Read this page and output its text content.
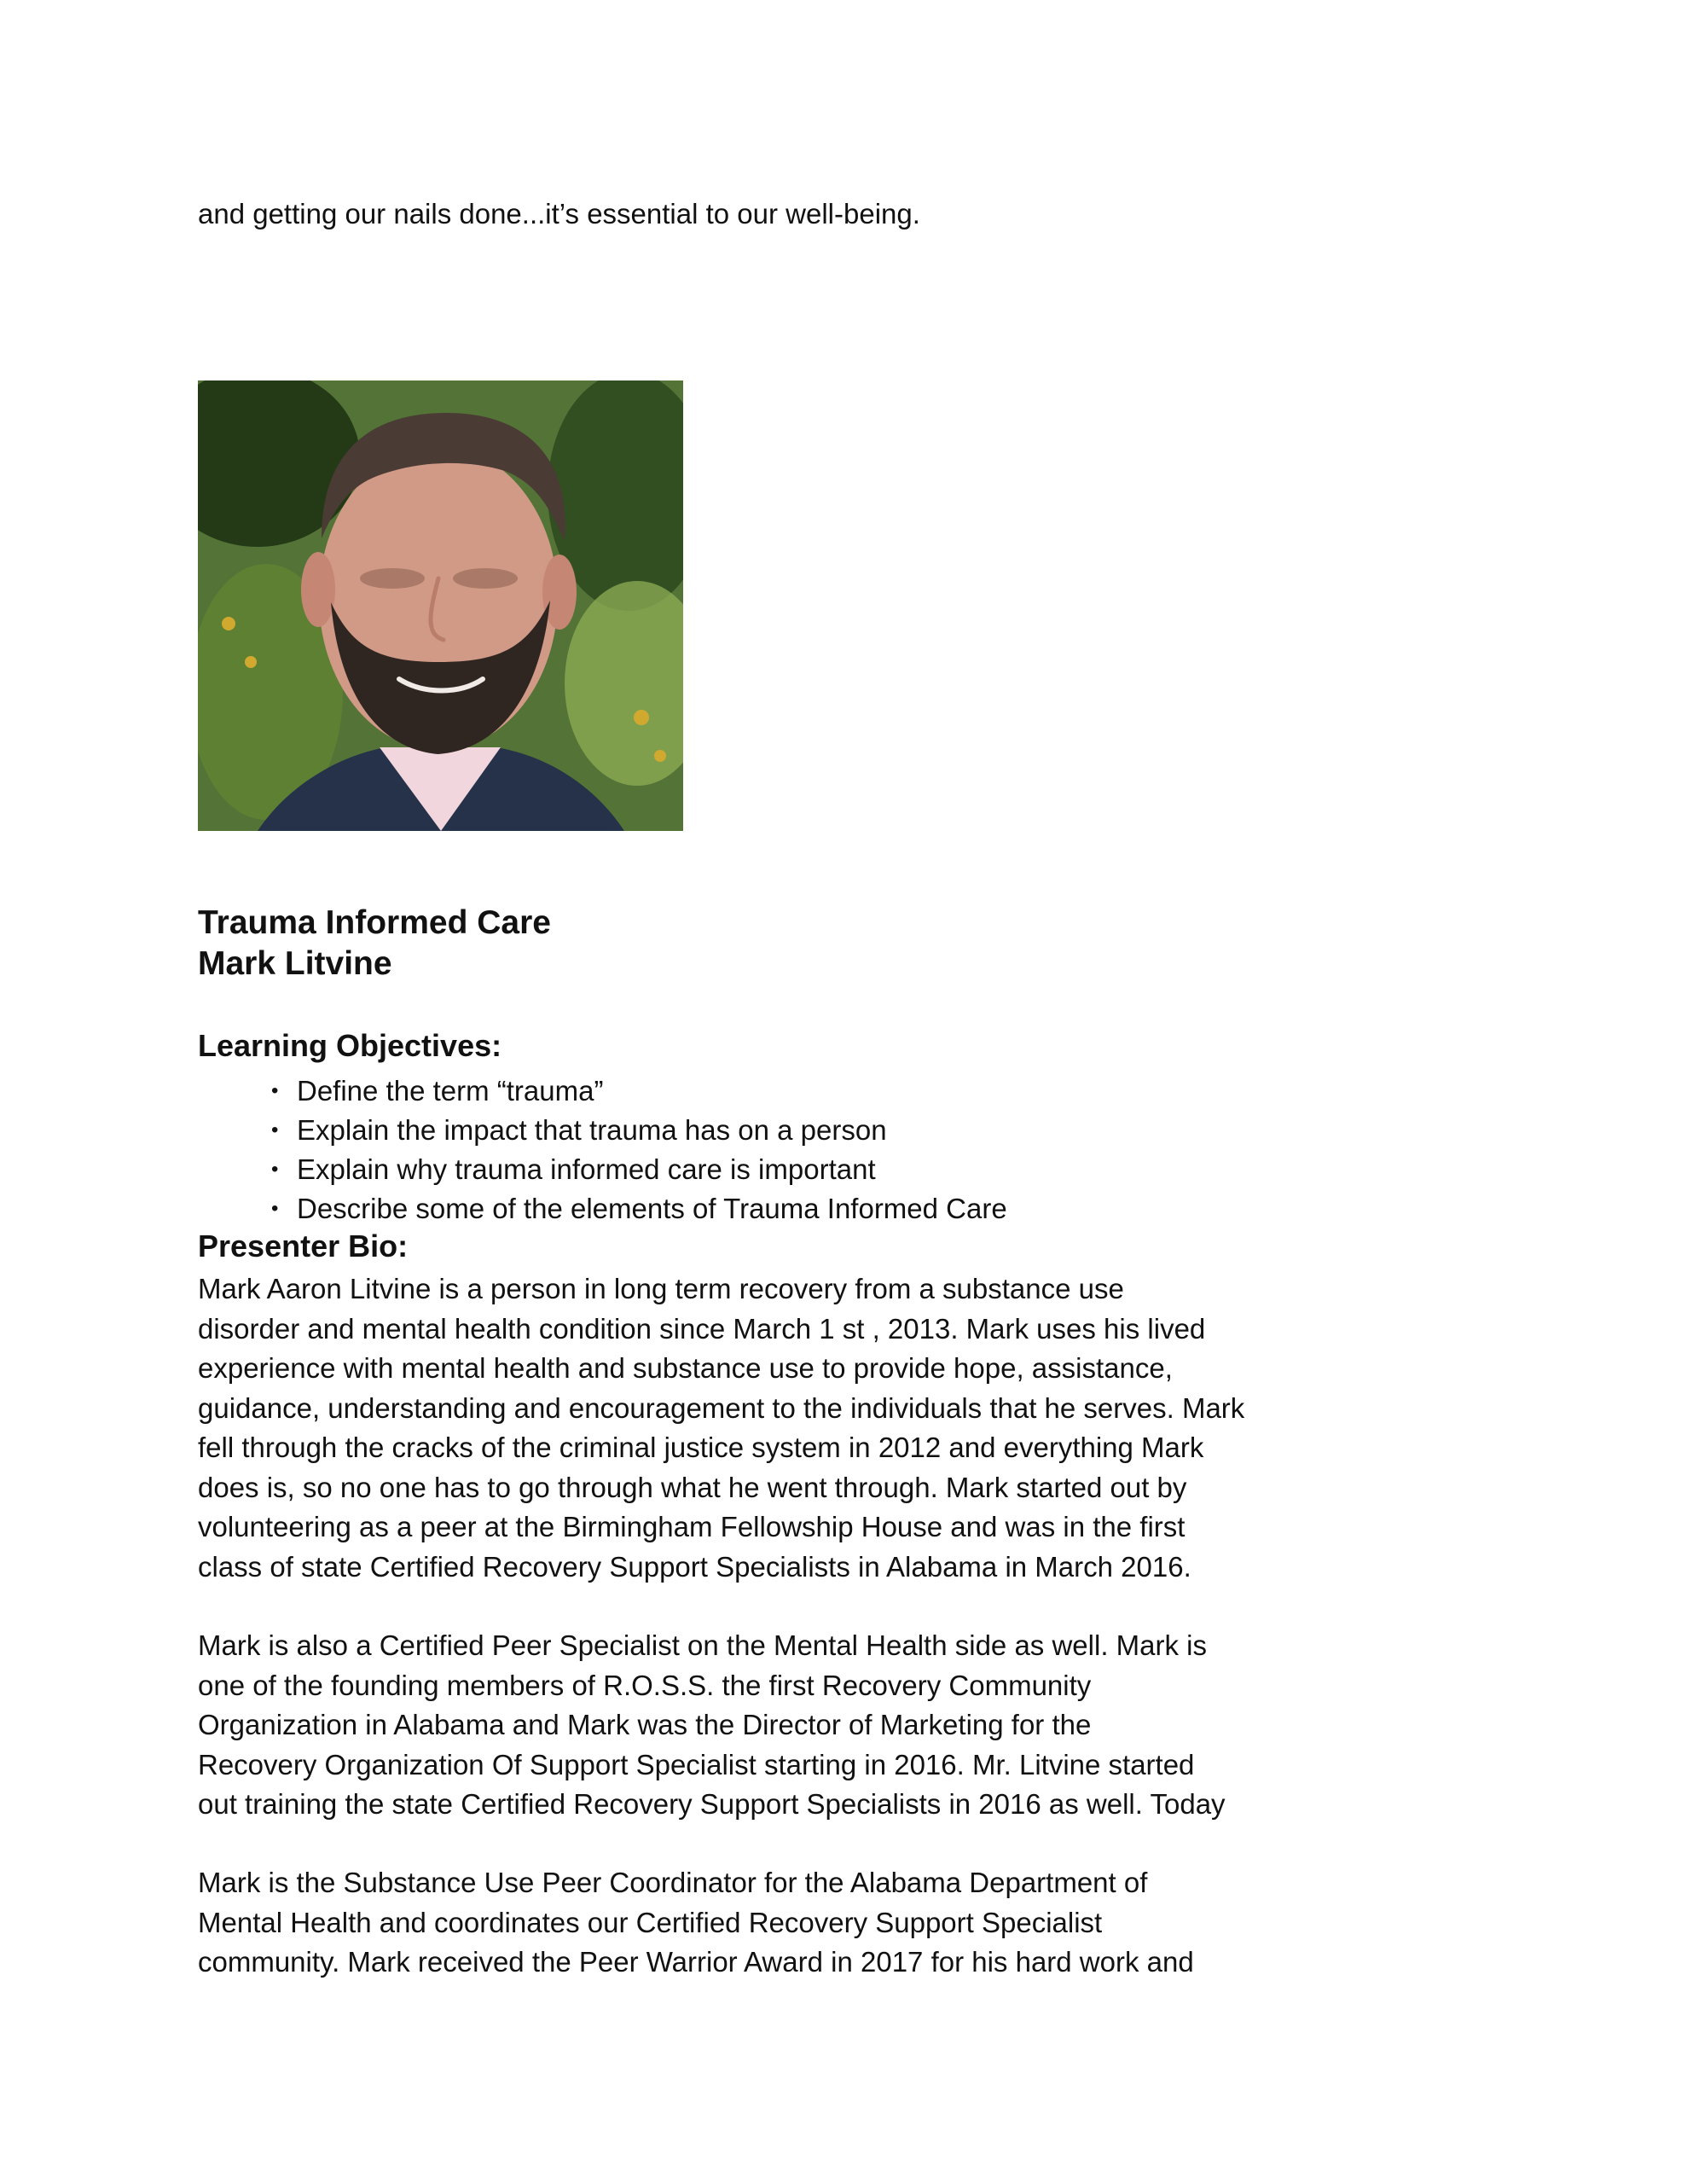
and getting our nails done...it’s essential to our well-being.
Trauma Informed Care
Mark Litvine
Learning Objectives:
• Define the term “trauma”
• Explain the impact that trauma has on a person
• Explain why trauma informed care is important
• Describe some of the elements of Trauma Informed Care
Presenter Bio:
Mark Aaron Litvine is a person in long term recovery from a substance use
disorder and mental health condition since March 1 st , 2013. Mark uses his lived
experience with mental health and substance use to provide hope, assistance,
guidance, understanding and encouragement to the individuals that he serves. Mark
fell through the cracks of the criminal justice system in 2012 and everything Mark
does is, so no one has to go through what he went through. Mark started out by
volunteering as a peer at the Birmingham Fellowship House and was in the first
class of state Certified Recovery Support Specialists in Alabama in March 2016.
Mark is also a Certified Peer Specialist on the Mental Health side as well. Mark is
one of the founding members of R.O.S.S. the first Recovery Community
Organization in Alabama and Mark was the Director of Marketing for the
Recovery Organization Of Support Specialist starting in 2016. Mr. Litvine started
out training the state Certified Recovery Support Specialists in 2016 as well. Today
Mark is the Substance Use Peer Coordinator for the Alabama Department of
Mental Health and coordinates our Certified Recovery Support Specialist
community. Mark received the Peer Warrior Award in 2017 for his hard work and
